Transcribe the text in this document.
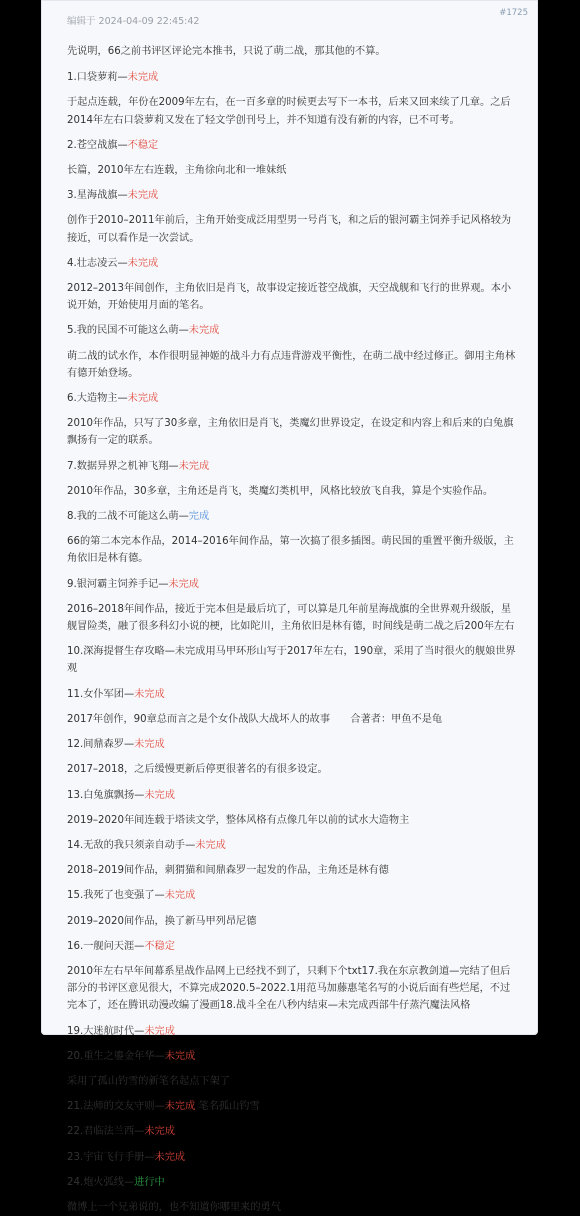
编辑于 2024-04-09 22:45:42
#1725

先说明，66之前书评区评论完本推书，只说了萌二战，那其他的不算。

1.口袋萝莉—未完成
于起点连载，年份在2009年左右，在一百多章的时候更去写下一本书，后来又回来续了几章。之后2014年左右口袋萝莉又发在了轻文学创刊号上，并不知道有没有新的内容，已不可考。
2.苍空战旗—不稳定
长篇，2010年左右连载，主角徐向北和一堆妹纸
3.星海战旗—未完成
创作于2010–2011年前后，主角开始变成泛用型男一号肖飞，和之后的银河霸主饲养手记风格较为接近，可以看作是一次尝试。
4.壮志凌云—未完成
2012–2013年间创作，主角依旧是肖飞，故事设定接近苍空战旗，天空战舰和飞行的世界观。本小说开始，开始使用月面的笔名。
5.我的民国不可能这么萌—未完成
萌二战的试水作，本作很明显神姬的战斗力有点违背游戏平衡性，在萌二战中经过修正。御用主角林有德开始登场。
6.大造物主—未完成
2010年作品，只写了30多章，主角依旧是肖飞，类魔幻世界设定，在设定和内容上和后来的白兔旗飘扬有一定的联系。
7.数据异界之机神飞翔—未完成
2010年作品，30多章，主角还是肖飞，类魔幻类机甲，风格比较放飞自我，算是个实验作品。
8.我的二战不可能这么萌—完成
66的第二本完本作品，2014–2016年间作品，第一次搞了很多插图。萌民国的重置平衡升级版，主角依旧是林有德。
9.银河霸主饲养手记—未完成
2016–2018年间作品，接近于完本但是最后坑了，可以算是几年前星海战旗的全世界观升级版，星舰冒险类，融了很多科幻小说的梗，比如陀川，主角依旧是林有德，时间线是萌二战之后200年左右
10.深海提督生存攻略—未完成用马甲环形山写于2017年左右，190章，采用了当时很火的舰娘世界观
11.女仆军团—未完成
2017年创作，90章总而言之是个女仆战队大战坏人的故事　　合著者：甲鱼不是龟
12.间鼎森罗—未完成
2017–2018，之后缓慢更新后停更很著名的有很多设定。
13.白兔旗飘扬—未完成
2019–2020年间连载于塔读文学，整体风格有点像几年以前的试水大造物主
14.无敌的我只须亲自动手—未完成
2018–2019间作品，刺猬猫和间鼎森罗一起发的作品，主角还是林有德
15.我死了也变强了—未完成
2019–2020间作品，换了新马甲列昂尼德
16.一舰问天涯—不稳定
2010年左右早年间幕系星战作品网上已经找不到了，只剩下个txt17.我在东京教剑道—完结了但后部分的书评区意见很大，不算完成2020.5–2022.1用范马加藤惠笔名写的小说后面有些烂尾，不过完本了，还在腾讯动漫改编了漫画18.战斗全在八秒内结束—未完成西部牛仔蒸汽魔法风格
19.大迷航时代—未完成
20.重生之鎏金年华—未完成
采用了孤山钓雪的新笔名起点下架了
21.法师的交友守则—未完成 笔名孤山钓雪
22.君临法兰西—未完成
23.宇宙飞行手册—未完成
24.炮火弧线—进行中
微博上一个兄弟说的，也不知道你哪里来的勇气
